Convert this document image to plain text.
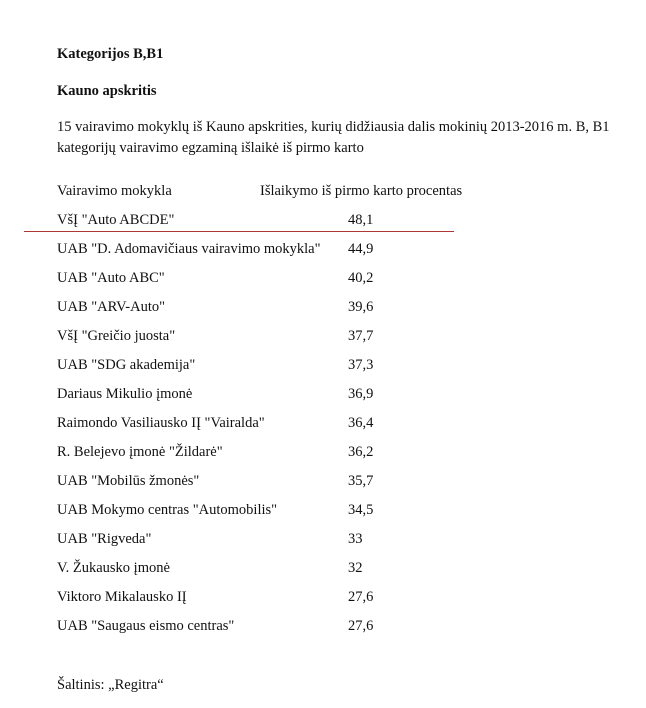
Kategorijos B,B1
Kauno apskritis
15 vairavimo mokyklų iš Kauno apskrities, kurių didžiausia dalis mokinių 2013-2016 m. B, B1 kategorijų vairavimo egzaminą išlaikė iš pirmo karto
Vairavimo mokykla	Išlaikymo iš pirmo karto procentas
VšĮ "Auto ABCDE"	48,1
UAB "D. Adomavičiaus vairavimo mokykla" 44,9
UAB "Auto ABC"	40,2
UAB "ARV-Auto"	39,6
VšĮ "Greičio juosta"	37,7
UAB "SDG akademija"	37,3
Dariaus Mikulio įmonė	36,9
Raimondo Vasiliausko IĮ "Vairalda"	36,4
R. Belejevo įmonė "Žildarė"	36,2
UAB "Mobilūs žmonės"	35,7
UAB Mokymo centras "Automobilis"	34,5
UAB "Rigveda"	33
V. Žukausko įmonė	32
Viktoro Mikalausko IĮ	27,6
UAB "Saugaus eismo centras"	27,6
Šaltinis: „Regitra“
